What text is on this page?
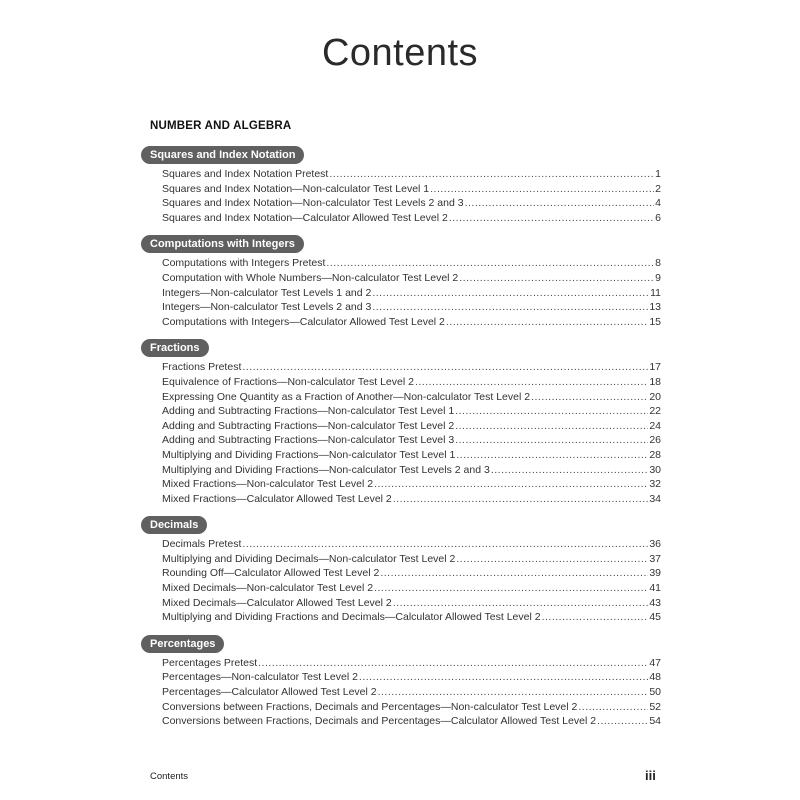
Contents
NUMBER AND ALGEBRA
Squares and Index Notation
Squares and Index Notation Pretest .....	1
Squares and Index Notation—Non-calculator Test Level 1 .....	2
Squares and Index Notation—Non-calculator Test Levels 2 and 3 .....	4
Squares and Index Notation—Calculator Allowed Test Level 2 .....	6
Computations with Integers
Computations with Integers Pretest .....	8
Computation with Whole Numbers—Non-calculator Test Level 2 .....	9
Integers—Non-calculator Test Levels 1 and 2 .....	11
Integers—Non-calculator Test Levels 2 and 3 .....	13
Computations with Integers—Calculator Allowed Test Level 2 .....	15
Fractions
Fractions Pretest .....	17
Equivalence of Fractions—Non-calculator Test Level 2 .....	18
Expressing One Quantity as a Fraction of Another—Non-calculator Test Level 2 .....	20
Adding and Subtracting Fractions—Non-calculator Test Level 1 .....	22
Adding and Subtracting Fractions—Non-calculator Test Level 2 .....	24
Adding and Subtracting Fractions—Non-calculator Test Level 3 .....	26
Multiplying and Dividing Fractions—Non-calculator Test Level 1 .....	28
Multiplying and Dividing Fractions—Non-calculator Test Levels 2 and 3 .....	30
Mixed Fractions—Non-calculator Test Level 2 .....	32
Mixed Fractions—Calculator Allowed Test Level 2 .....	34
Decimals
Decimals Pretest .....	36
Multiplying and Dividing Decimals—Non-calculator Test Level 2 .....	37
Rounding Off—Calculator Allowed Test Level 2 .....	39
Mixed Decimals—Non-calculator Test Level 2 .....	41
Mixed Decimals—Calculator Allowed Test Level 2 .....	43
Multiplying and Dividing Fractions and Decimals—Calculator Allowed Test Level 2 .....	45
Percentages
Percentages Pretest .....	47
Percentages—Non-calculator Test Level 2 .....	48
Percentages—Calculator Allowed Test Level 2 .....	50
Conversions between Fractions, Decimals and Percentages—Non-calculator Test Level 2 .....	52
Conversions between Fractions, Decimals and Percentages—Calculator Allowed Test Level 2 .....	54
Contents	iii
